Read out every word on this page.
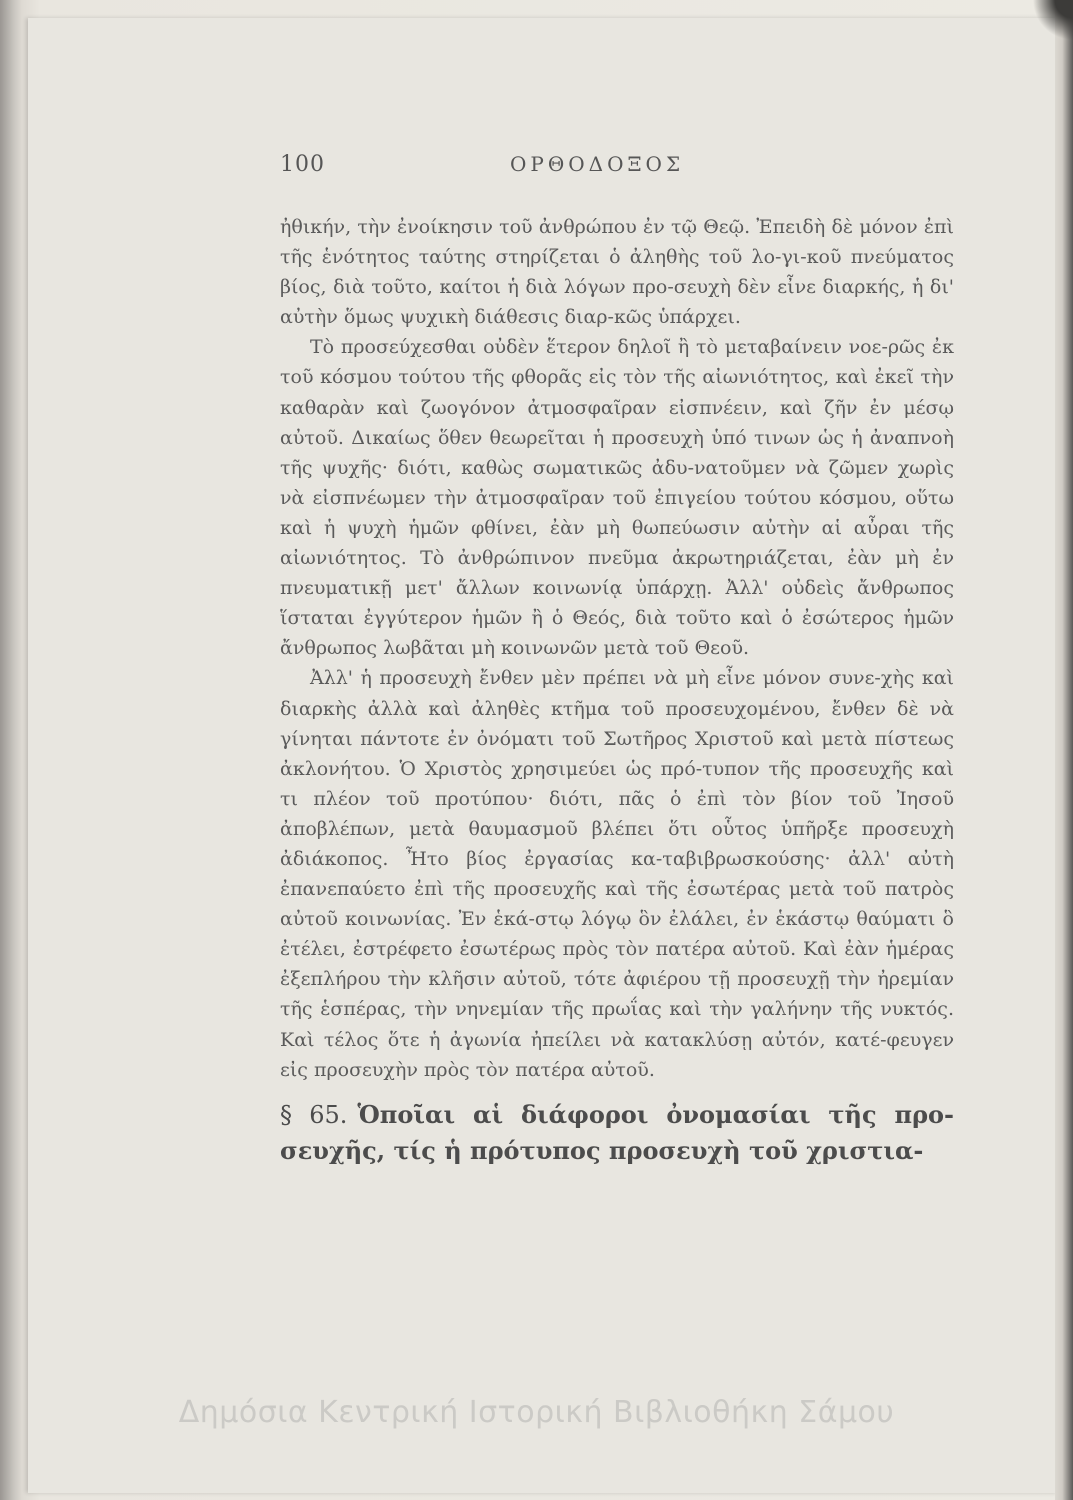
100	ΟΡΘΟΔΟΞΟΣ

ἠθικήν, τὴν ἐνοίκησιν τοῦ ἀνθρώπου ἐν τῷ Θεῷ. Ἐπειδὴ δὲ μόνον ἐπὶ τῆς ἑνότητος ταύτης στηρίζεται ὁ ἀληθὴς τοῦ λο-γι-κοῦ πνεύματος βίος, διὰ τοῦτο, καίτοι ἡ διὰ λόγων προ-σευχὴ δὲν εἶνε διαρκής, ἡ δι' αὐτὴν ὅμως ψυχικὴ διάθεσις διαρ-κῶς ὑπάρχει.

Τὸ προσεύχεσθαι οὐδὲν ἕτερον δηλοῖ ἢ τὸ μεταβαίνειν νοε-ρῶς ἐκ τοῦ κόσμου τούτου τῆς φθορᾶς εἰς τὸν τῆς αἰωνιότητος, καὶ ἐκεῖ τὴν καθαρὰν καὶ ζωογόνον ἀτμοσφαῖραν εἰσπνέειν, καὶ ζῆν ἐν μέσῳ αὐτοῦ. Δικαίως ὅθεν θεωρεῖται ἡ προσευχὴ ὑπό τινων ὡς ἡ ἀναπνοὴ τῆς ψυχῆς· διότι, καθὼς σωματικῶς ἀδυ-νατοῦμεν νὰ ζῶμεν χωρὶς νὰ εἰσπνέωμεν τὴν ἀτμοσφαῖραν τοῦ ἐπιγείου τούτου κόσμου, οὕτω καὶ ἡ ψυχὴ ἡμῶν φθίνει, ἐὰν μὴ θωπεύωσιν αὐτὴν αἱ αὖραι τῆς αἰωνιότητος. Τὸ ἀνθρώπινον πνεῦμα ἀκρωτηριάζεται, ἐὰν μὴ ἐν πνευματικῇ μετ' ἄλλων κοινωνίᾳ ὑπάρχῃ. Ἀλλ' οὐδεὶς ἄνθρωπος ἵσταται ἐγγύτερον ἡμῶν ἢ ὁ Θεός, διὰ τοῦτο καὶ ὁ ἐσώτερος ἡμῶν ἄνθρωπος λωβᾶται μὴ κοινωνῶν μετὰ τοῦ Θεοῦ.

Ἀλλ' ἡ προσευχὴ ἔνθεν μὲν πρέπει νὰ μὴ εἶνε μόνον συνε-χὴς καὶ διαρκὴς ἀλλὰ καὶ ἀληθὲς κτῆμα τοῦ προσευχομένου, ἔνθεν δὲ νὰ γίνηται πάντοτε ἐν ὀνόματι τοῦ Σωτῆρος Χριστοῦ καὶ μετὰ πίστεως ἀκλονήτου. Ὁ Χριστὸς χρησιμεύει ὡς πρό-τυπον τῆς προσευχῆς καὶ τι πλέον τοῦ προτύπου· διότι, πᾶς ὁ ἐπὶ τὸν βίον τοῦ Ἰησοῦ ἀποβλέπων, μετὰ θαυμασμοῦ βλέπει ὅτι οὗτος ὑπῆρξε προσευχὴ ἀδιάκοπος. Ἦτο βίος ἐργασίας κα-ταβιβρωσκούσης· ἀλλ' αὐτὴ ἐπανεπαύετο ἐπὶ τῆς προσευχῆς καὶ τῆς ἐσωτέρας μετὰ τοῦ πατρὸς αὐτοῦ κοινωνίας. Ἐν ἑκά-στῳ λόγῳ ὃν ἐλάλει, ἐν ἑκάστῳ θαύματι ὃ ἐτέλει, ἐστρέφετο ἐσωτέρως πρὸς τὸν πατέρα αὐτοῦ. Καὶ ἐὰν ἡμέρας ἐξεπλήρου τὴν κλῆσιν αὐτοῦ, τότε ἀφιέρου τῇ προσευχῇ τὴν ἠρεμίαν τῆς ἑσπέρας, τὴν νηνεμίαν τῆς πρωΐας καὶ τὴν γαλήνην τῆς νυκτός. Καὶ τέλος ὅτε ἡ ἀγωνία ἠπείλει νὰ κατακλύσῃ αὐτόν, κατέ-φευγεν εἰς προσευχὴν πρὸς τὸν πατέρα αὐτοῦ.

§ 65. Ὁποῖαι αἱ διάφοροι ὀνομασίαι τῆς προ-σευχῆς, τίς ἡ πρότυπος προσευχὴ τοῦ χριστια-

Δημόσια Κεντρική Ιστορική Βιβλιοθήκη Σάμου
